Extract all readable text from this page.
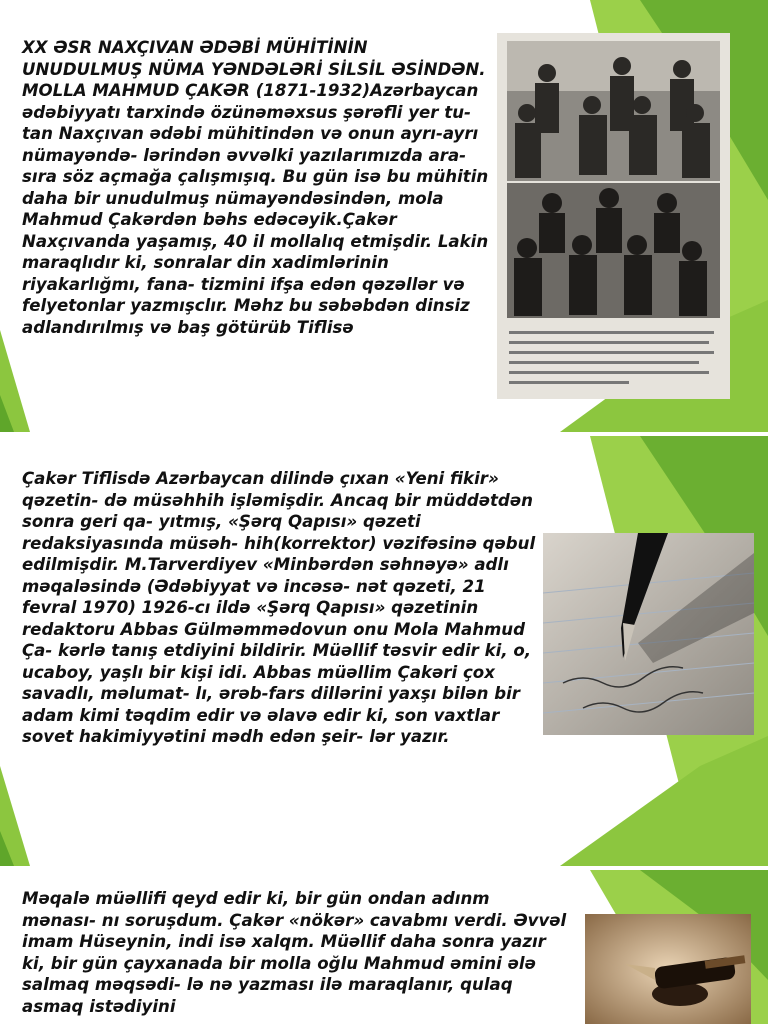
XX ƏSR NAXÇIVAN ƏDƏBİ MÜHİTİNİN UNUDULMUŞ NÜMA YƏNDƏLƏRİ SİLSİL ƏSİNDƏN. MOLLA MAHMUD ÇAKƏR (1871-1932)Azərbaycan ədəbiyyatı tarxində özünəməxsus şərəfli yer tu- tan Naxçıvan ədəbi mühitindən və onun ayrı-ayrı nümayəndə- lərindən əvvəlki yazılarımızda ara-sıra söz açmağa çalışmışıq. Bu gün isə bu mühitin daha bir unudulmuş nümayəndəsindən, mola Mahmud Çakərdən bəhs edəcəyik.Çakər Naxçıvanda yaşamış, 40 il mollalıq etmişdir. Lakin maraqlıdır ki, sonralar din xadimlərinin riyakarlığmı, fana- tizmini ifşa edən qəzəllər və felyetonlar yazmışclır. Məhz bu səbəbdən dinsiz adlandırılmış və baş götürüb Tiflisə

Çakər Tiflisdə Azərbaycan dilində çıxan «Yeni fikir» qəzetin- də müsəhhih işləmişdir. Ancaq bir müddətdən sonra geri qa- yıtmış, «Şərq Qapısı» qəzeti redaksiyasında müsəh- hih(korrektor) vəzifəsinə qəbul edilmişdir. M.Tarverdiyev «Minbərdən səhnəyə» adlı məqaləsində (Ədəbiyyat və incəsə- nət qəzeti, 21 fevral 1970) 1926-cı ildə «Şərq Qapısı» qəzetinin redaktoru Abbas Gülməmmədovun onu Mola Mahmud Ça- kərlə tanış etdiyini bildirir. Müəllif təsvir edir ki, o, ucaboy, yaşlı bir kişi idi. Abbas müəllim Çakəri çox savadlı, məlumat- lı, ərəb-fars dillərini yaxşı bilən bir adam kimi təqdim edir və əlavə edir ki, son vaxtlar sovet hakimiyyətini mədh edən şeir- lər yazır.

Məqalə müəllifi qeyd edir ki, bir gün ondan adınm mənası- nı soruşdum. Çakər «nökər» cavabmı verdi. Əvvəl imam Hüseynin, indi isə xalqm. Müəllif daha sonra yazır ki, bir gün çayxanada bir molla oğlu Mahmud əmini ələ salmaq məqsədi- lə nə yazması ilə maraqlanır, qulaq asmaq istədiyini
